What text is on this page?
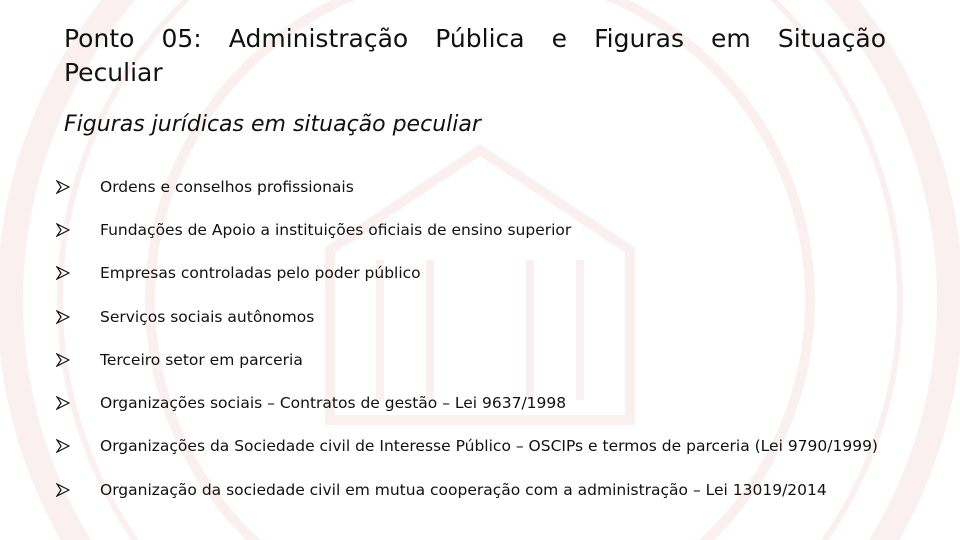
Ponto 05: Administração Pública e Figuras em Situação Peculiar
Figuras jurídicas em situação peculiar
Ordens e conselhos profissionais
Fundações de Apoio a instituições oficiais de ensino superior
Empresas controladas pelo poder público
Serviços sociais autônomos
Terceiro setor em parceria
Organizações sociais – Contratos de gestão – Lei 9637/1998
Organizações da Sociedade civil de Interesse Público – OSCIPs e termos de parceria (Lei 9790/1999)
Organização da sociedade civil em mutua cooperação com a administração – Lei 13019/2014
